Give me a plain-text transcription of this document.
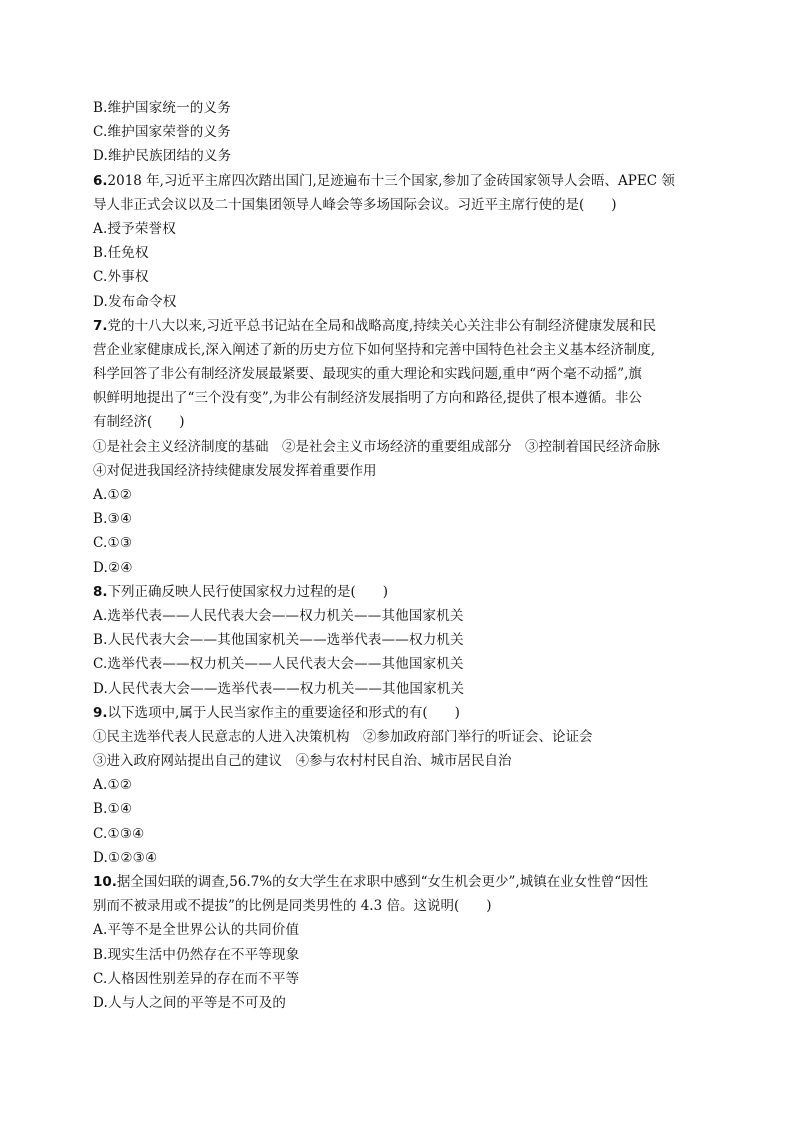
B.维护国家统一的义务
C.维护国家荣誉的义务
D.维护民族团结的义务
6.2018 年,习近平主席四次踏出国门,足迹遍布十三个国家,参加了金砖国家领导人会晤、APEC 领
导人非正式会议以及二十国集团领导人峰会等多场国际会议。习近平主席行使的是(　　)
A.授予荣誉权
B.任免权
C.外事权
D.发布命令权
7.党的十八大以来,习近平总书记站在全局和战略高度,持续关心关注非公有制经济健康发展和民
营企业家健康成长,深入阐述了新的历史方位下如何坚持和完善中国特色社会主义基本经济制度,
科学回答了非公有制经济发展最紧要、最现实的重大理论和实践问题,重申“两个毫不动摇”,旗
帜鲜明地提出了“三个没有变”,为非公有制经济发展指明了方向和路径,提供了根本遵循。非公
有制经济(　　)
①是社会主义经济制度的基础　②是社会主义市场经济的重要组成部分　③控制着国民经济命脉
④对促进我国经济持续健康发展发挥着重要作用
A.①②
B.③④
C.①③
D.②④
8.下列正确反映人民行使国家权力过程的是(　　)
A.选举代表——人民代表大会——权力机关——其他国家机关
B.人民代表大会——其他国家机关——选举代表——权力机关
C.选举代表——权力机关——人民代表大会——其他国家机关
D.人民代表大会——选举代表——权力机关——其他国家机关
9.以下选项中,属于人民当家作主的重要途径和形式的有(　　)
①民主选举代表人民意志的人进入决策机构　②参加政府部门举行的听证会、论证会
③进入政府网站提出自己的建议　④参与农村村民自治、城市居民自治
A.①②
B.①④
C.①③④
D.①②③④
10.据全国妇联的调查,56.7%的女大学生在求职中感到“女生机会更少”,城镇在业女性曾“因性
别而不被录用或不提拔”的比例是同类男性的 4.3 倍。这说明(　　)
A.平等不是全世界公认的共同价值
B.现实生活中仍然存在不平等现象
C.人格因性别差异的存在而不平等
D.人与人之间的平等是不可及的
